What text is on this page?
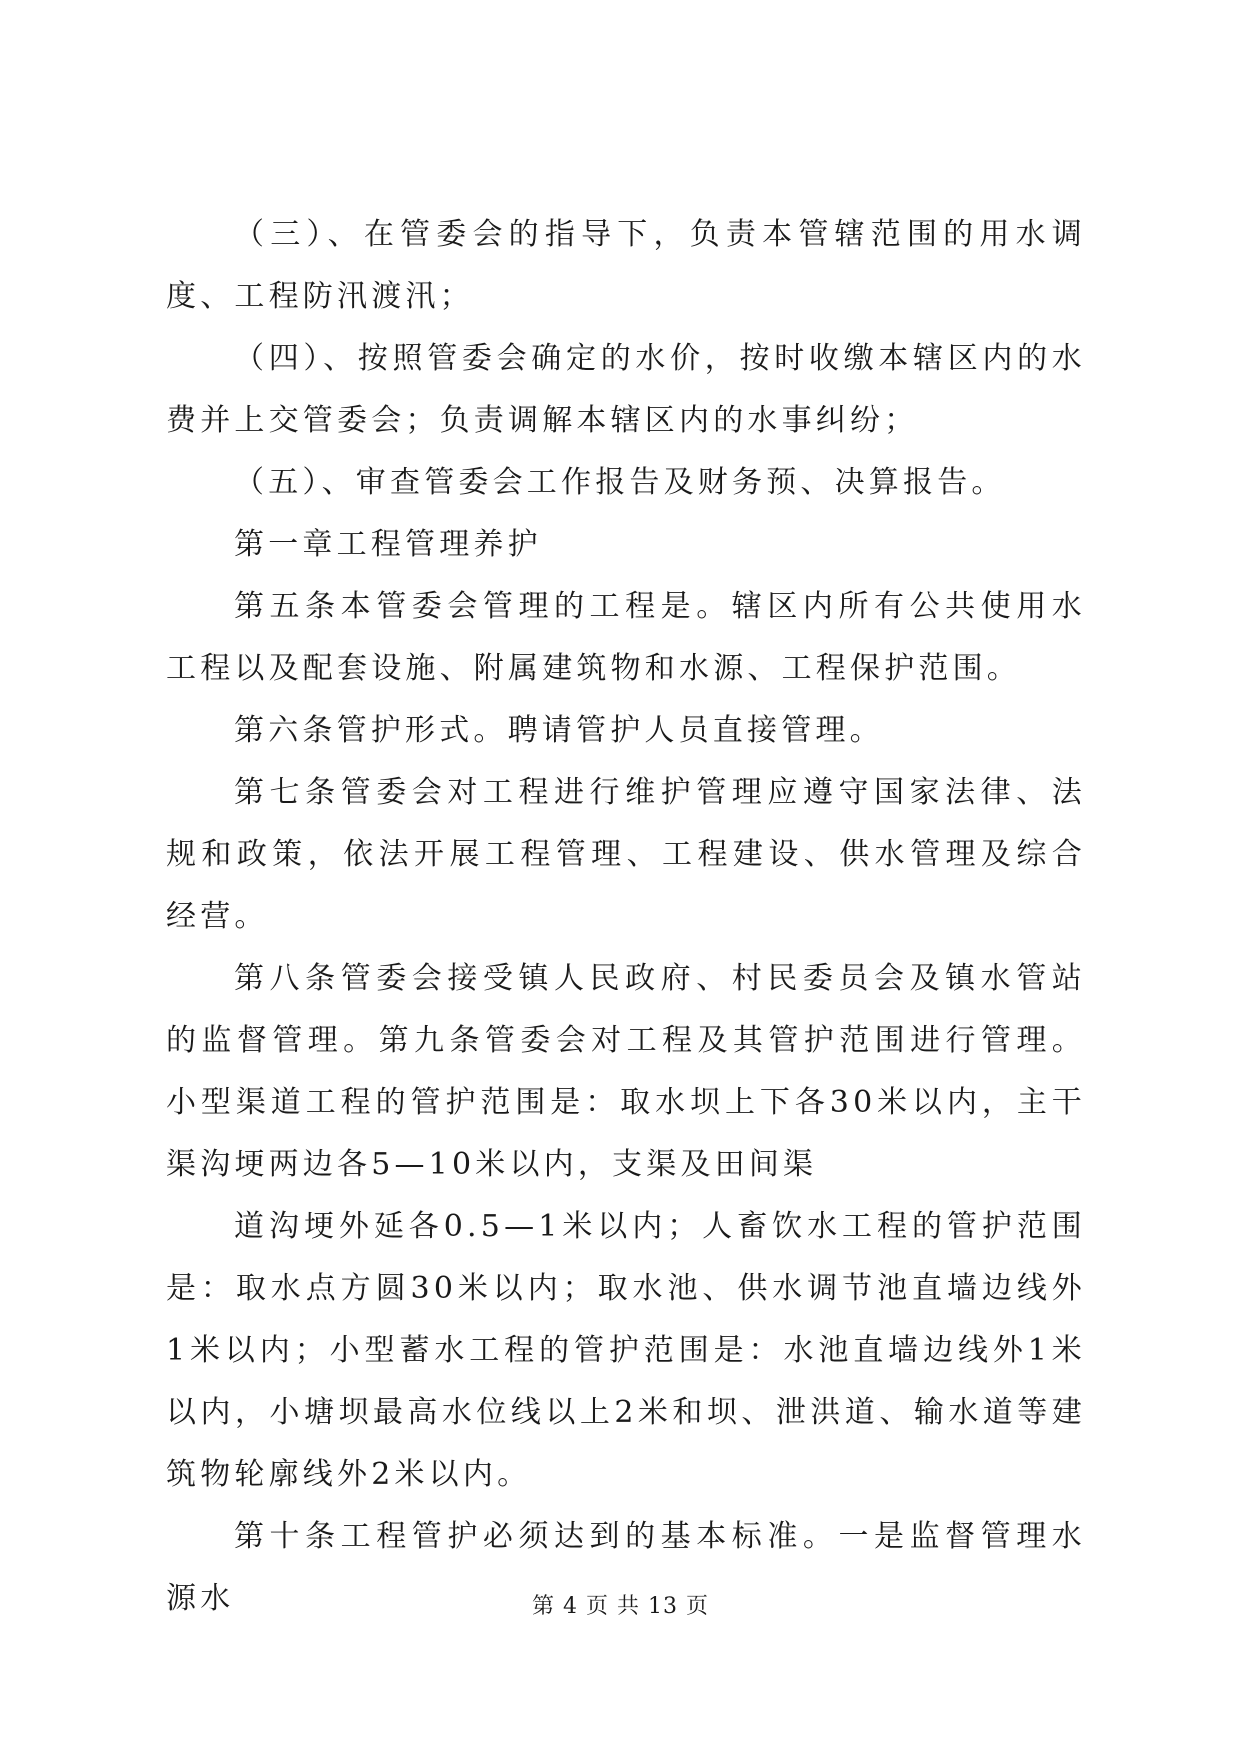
（三）、在管委会的指导下，负责本管辖范围的用水调度、工程防汛渡汛；

（四）、按照管委会确定的水价，按时收缴本辖区内的水费并上交管委会；负责调解本辖区内的水事纠纷；

（五）、审查管委会工作报告及财务预、决算报告。

第一章工程管理养护

第五条本管委会管理的工程是。辖区内所有公共使用水工程以及配套设施、附属建筑物和水源、工程保护范围。

第六条管护形式。聘请管护人员直接管理。

第七条管委会对工程进行维护管理应遵守国家法律、法规和政策，依法开展工程管理、工程建设、供水管理及综合经营。

第八条管委会接受镇人民政府、村民委员会及镇水管站的监督管理。第九条管委会对工程及其管护范围进行管理。小型渠道工程的管护范围是：取水坝上下各30米以内，主干渠沟埂两边各5—10米以内，支渠及田间渠

道沟埂外延各0.5—1米以内；人畜饮水工程的管护范围是：取水点方圆30米以内；取水池、供水调节池直墙边线外1米以内；小型蓄水工程的管护范围是：水池直墙边线外1米以内，小塘坝最高水位线以上2米和坝、泄洪道、输水道等建筑物轮廓线外2米以内。

第十条工程管护必须达到的基本标准。一是监督管理水源水	第 4 页 共 13 页
